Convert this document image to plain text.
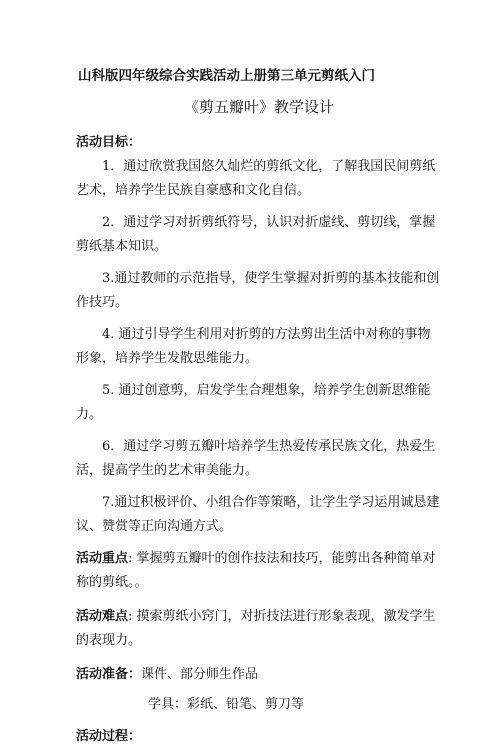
山科版四年级综合实践活动上册第三单元剪纸入门
《剪五瓣叶》教学设计
活动目标：

1．通过欣赏我国悠久灿烂的剪纸文化，了解我国民间剪纸艺术，培养学生民族自豪感和文化自信。

2．通过学习对折剪纸符号，认识对折虚线、剪切线，掌握剪纸基本知识。

3.通过教师的示范指导，使学生掌握对折剪的基本技能和创作技巧。

4. 通过引导学生利用对折剪的方法剪出生活中对称的事物形象，培养学生发散思维能力。

5. 通过创意剪，启发学生合理想象，培养学生创新思维能力。

6．通过学习剪五瓣叶培养学生热爱传承民族文化，热爱生活，提高学生的艺术审美能力。

7.通过积极评价、小组合作等策略，让学生学习运用诚恳建议、赞赏等正向沟通方式。

活动重点: 掌握剪五瓣叶的创作技法和技巧，能剪出各种简单对称的剪纸。。

活动难点: 摸索剪纸小窍门，对折技法进行形象表现，激发学生的表现力。

活动准备：课件、部分师生作品

学具：彩纸、铅笔、剪刀等
活动过程：
